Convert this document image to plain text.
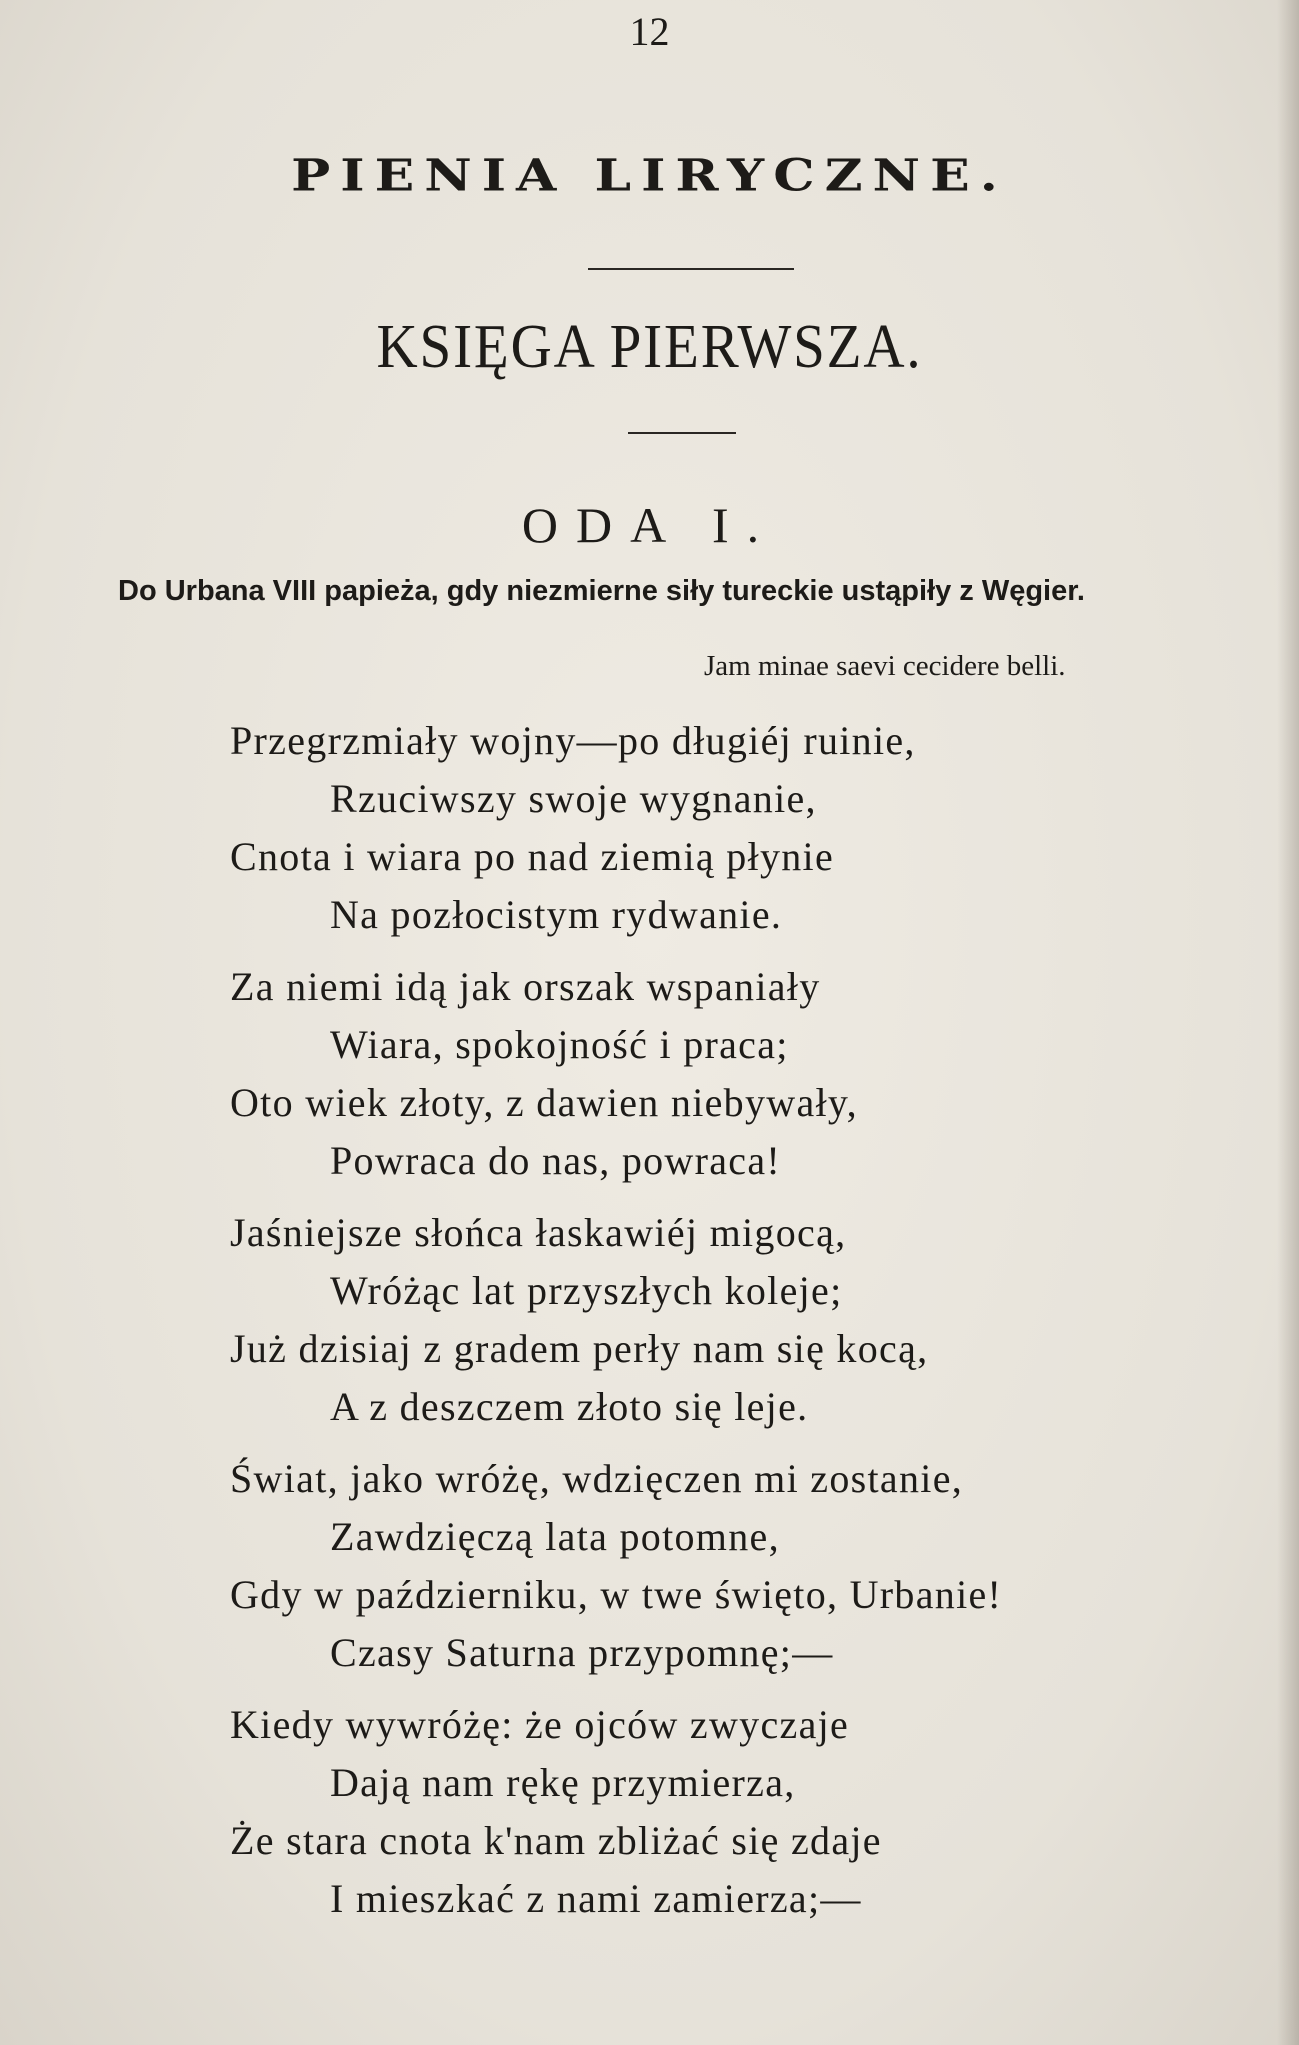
12
PIENIA LIRYCZNE.
KSIĘGA PIERWSZA.
ODA I.
Do Urbana VIII papieża, gdy niezmierne siły tureckie ustąpiły z Węgier.
Jam minae saevi cecidere belli.
Przegrzmiały wojny—po długiéj ruinie,
Rzuciwszy swoje wygnanie,
Cnota i wiara po nad ziemią płynie
Na pozłocistym rydwanie.
Za niemi idą jak orszak wspaniały
Wiara, spokojność i praca;
Oto wiek złoty, z dawien niebywały,
Powraca do nas, powraca!
Jaśniejsze słońca łaskawiéj migocą,
Wróżąc lat przyszłych koleje;
Już dzisiaj z gradem perły nam się kocą,
A z deszczem złoto się leje.
Świat, jako wróżę, wdzięczen mi zostanie,
Zawdzięczą lata potomne,
Gdy w październiku, w twe święto, Urbanie!
Czasy Saturna przypomnę;—
Kiedy wywróżę: że ojców zwyczaje
Dają nam rękę przymierza,
Że stara cnota k'nam zbliżać się zdaje
I mieszkać z nami zamierza;—
